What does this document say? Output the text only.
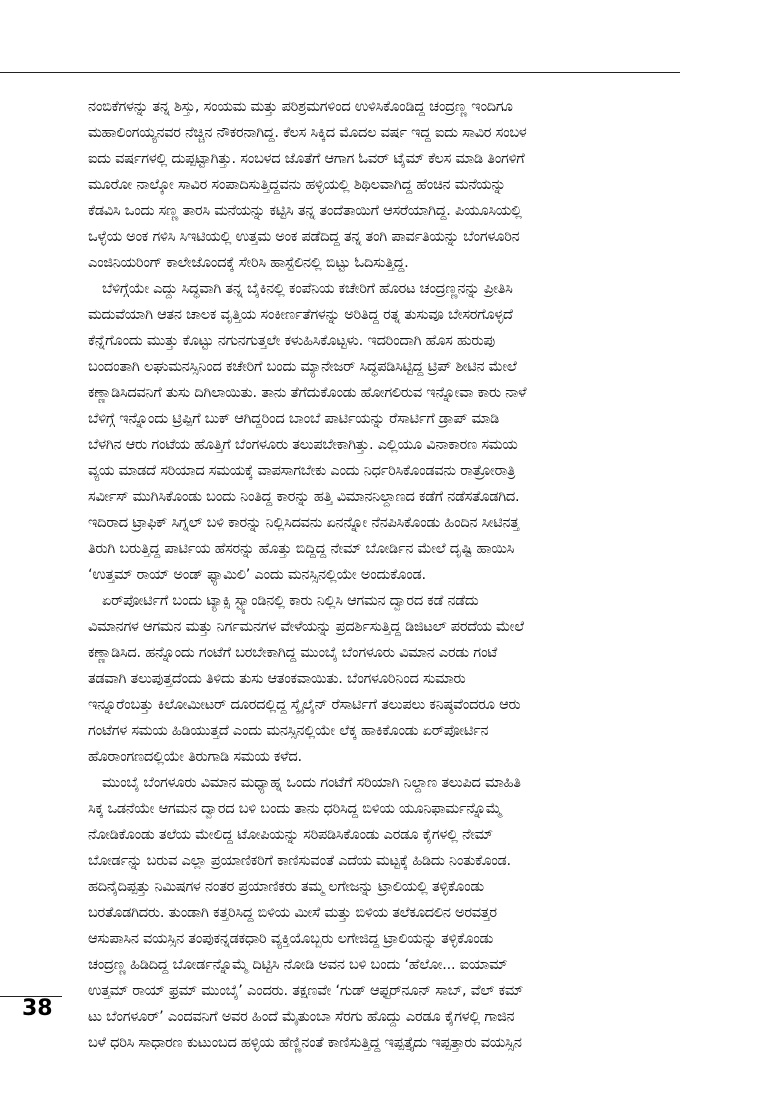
ನಂಬಿಕೆಗಳನ್ನು ತನ್ನ ಶಿಸ್ತು, ಸಂಯಮ ಮತ್ತು ಪರಿಶ್ರಮಗಳಿಂದ ಉಳಿಸಿಕೊಂಡಿದ್ದ ಚಂದ್ರಣ್ಣ ಇಂದಿಗೂ
ಮಹಾಲಿಂಗಯ್ಯನವರ ನೆಚ್ಚಿನ ನೌಕರನಾಗಿದ್ದ. ಕೆಲಸ ಸಿಕ್ಕಿದ ಮೊದಲ ವರ್ಷ ಇದ್ದ ಐದು ಸಾವಿರ ಸಂಬಳ
ಐದು ವರ್ಷಗಳಲ್ಲಿ ದುಪ್ಪಟ್ಟಾಗಿತ್ತು. ಸಂಬಳದ ಜೊತೆಗೆ ಆಗಾಗ ಓವರ್ ಟೈಮ್ ಕೆಲಸ ಮಾಡಿ ತಿಂಗಳಿಗೆ
ಮೂರೋ ನಾಲ್ಕೋ ಸಾವಿರ ಸಂಪಾದಿಸುತ್ತಿದ್ದವನು ಹಳ್ಳಿಯಲ್ಲಿ ಶಿಥಿಲವಾಗಿದ್ದ ಹೆಂಚಿನ ಮನೆಯನ್ನು
ಕೆಡವಿಸಿ ಒಂದು ಸಣ್ಣ ತಾರಸಿ ಮನೆಯನ್ನು ಕಟ್ಟಿಸಿ ತನ್ನ ತಂದೆತಾಯಿಗೆ ಆಸರೆಯಾಗಿದ್ದ. ಪಿಯೂಸಿಯಲ್ಲಿ
ಒಳ್ಳೆಯ ಅಂಕ ಗಳಿಸಿ ಸಿಇಟಿಯಲ್ಲಿ ಉತ್ತಮ ಅಂಕ ಪಡೆದಿದ್ದ ತನ್ನ ತಂಗಿ ಪಾರ್ವತಿಯನ್ನು ಬೆಂಗಳೂರಿನ
ಎಂಜಿನಿಯರಿಂಗ್ ಕಾಲೇಜೊಂದಕ್ಕೆ ಸೇರಿಸಿ ಹಾಸ್ಟೆಲಿನಲ್ಲಿ ಬಿಟ್ಟು ಓದಿಸುತ್ತಿದ್ದ.
ಬೆಳಿಗ್ಗೆಯೇ ಎದ್ದು ಸಿದ್ಧವಾಗಿ ತನ್ನ ಬೈಕಿನಲ್ಲಿ ಕಂಪೆನಿಯ ಕಚೇರಿಗೆ ಹೊರಟ ಚಂದ್ರಣ್ಣನನ್ನು ಪ್ರೀತಿಸಿ
ಮದುವೆಯಾಗಿ ಆತನ ಚಾಲಕ ವೃತ್ತಿಯ ಸಂಕೀರ್ಣತೆಗಳನ್ನು ಅರಿತಿದ್ದ ರತ್ನ ತುಸುವೂ ಬೇಸರಗೊಳ್ಳದೆ
ಕೆನ್ನೆಗೊಂದು ಮುತ್ತು ಕೊಟ್ಟು ನಗುನಗುತ್ತಲೇ ಕಳುಹಿಸಿಕೊಟ್ಟಳು. ಇದರಿಂದಾಗಿ ಹೊಸ ಹುರುಪು
ಬಂದಂತಾಗಿ ಲಘುಮನಸ್ಸಿನಿಂದ ಕಚೇರಿಗೆ ಬಂದು ಮ್ಯಾನೇಜರ್ ಸಿದ್ಧಪಡಿಸಿಟ್ಟಿದ್ದ ಟ್ರಿಪ್ ಶೀಟಿನ ಮೇಲೆ
ಕಣ್ಣಾಡಿಸಿದವನಿಗೆ ತುಸು ದಿಗಿಲಾಯಿತು. ತಾನು ತೆಗೆದುಕೊಂಡು ಹೋಗಲಿರುವ ಇನ್ನೋವಾ ಕಾರು ನಾಳೆ
ಬೆಳಿಗ್ಗೆ ಇನ್ನೊಂದು ಟ್ರಿಪ್ಪಿಗೆ ಬುಕ್ ಆಗಿದ್ದರಿಂದ ಬಾಂಬೆ ಪಾರ್ಟಿಯನ್ನು ರೆಸಾರ್ಟಿಗೆ ಡ್ರಾಪ್ ಮಾಡಿ
ಬೆಳಗಿನ ಆರು ಗಂಟೆಯ ಹೊತ್ತಿಗೆ ಬೆಂಗಳೂರು ತಲುಪಬೇಕಾಗಿತ್ತು. ಎಲ್ಲಿಯೂ ವಿನಾಕಾರಣ ಸಮಯ
ವ್ಯಯ ಮಾಡದೆ ಸರಿಯಾದ ಸಮಯಕ್ಕೆ ವಾಪಸಾಗಬೇಕು ಎಂದು ನಿರ್ಧರಿಸಿಕೊಂಡವನು ರಾತ್ರೋರಾತ್ರಿ
ಸರ್ವೀಸ್ ಮುಗಿಸಿಕೊಂಡು ಬಂದು ನಿಂತಿದ್ದ ಕಾರನ್ನು ಹತ್ತಿ ವಿಮಾನನಿಲ್ದಾಣದ ಕಡೆಗೆ ನಡೆಸತೊಡಗಿದ.
ಇದಿರಾದ ಟ್ರಾಫಿಕ್ ಸಿಗ್ನಲ್ ಬಳಿ ಕಾರನ್ನು ನಿಲ್ಲಿಸಿದವನು ಏನನ್ನೋ ನೆನಪಿಸಿಕೊಂಡು ಹಿಂದಿನ ಸೀಟಿನತ್ತ
ತಿರುಗಿ ಬರುತ್ತಿದ್ದ ಪಾರ್ಟಿಯ ಹೆಸರನ್ನು ಹೊತ್ತು ಬಿದ್ದಿದ್ದ ನೇಮ್ ಬೋರ್ಡಿನ ಮೇಲೆ ದೃಷ್ಟಿ ಹಾಯಿಸಿ
‘ಉತ್ತಮ್ ರಾಯ್ ಅಂಡ್ ಫ್ಯಾಮಿಲಿ’ ಎಂದು ಮನಸ್ಸಿನಲ್ಲಿಯೇ ಅಂದುಕೊಂಡ.
ಏರ್‌ಪೋರ್ಟಿಗೆ ಬಂದು ಟ್ಯಾಕ್ಸಿ ಸ್ಟ್ಯಾಂಡಿನಲ್ಲಿ ಕಾರು ನಿಲ್ಲಿಸಿ ಆಗಮನ ದ್ವಾರದ ಕಡೆ ನಡೆದು
ವಿಮಾನಗಳ ಆಗಮನ ಮತ್ತು ನಿರ್ಗಮನಗಳ ವೇಳೆಯನ್ನು ಪ್ರದರ್ಶಿಸುತ್ತಿದ್ದ ಡಿಜಿಟಲ್ ಪರದೆಯ ಮೇಲೆ
ಕಣ್ಣಾಡಿಸಿದ. ಹನ್ನೊಂದು ಗಂಟೆಗೆ ಬರಬೇಕಾಗಿದ್ದ ಮುಂಬೈ ಬೆಂಗಳೂರು ವಿಮಾನ ಎರಡು ಗಂಟೆ
ತಡವಾಗಿ ತಲುಪುತ್ತದೆಂದು ತಿಳಿದು ತುಸು ಆತಂಕವಾಯಿತು. ಬೆಂಗಳೂರಿನಿಂದ ಸುಮಾರು
ಇನ್ನೂರೆಂಬತ್ತು ಕಿಲೋಮೀಟರ್ ದೂರದಲ್ಲಿದ್ದ ಸ್ಕೈಲೈನ್ ರೆಸಾರ್ಟಿಗೆ ತಲುಪಲು ಕನಿಷ್ಠವೆಂದರೂ ಆರು
ಗಂಟೆಗಳ ಸಮಯ ಹಿಡಿಯುತ್ತದೆ ಎಂದು ಮನಸ್ಸಿನಲ್ಲಿಯೇ ಲೆಕ್ಕ ಹಾಕಿಕೊಂಡು ಏರ್‌ಪೋರ್ಟಿನ
ಹೊರಾಂಗಣದಲ್ಲಿಯೇ ತಿರುಗಾಡಿ ಸಮಯ ಕಳೆದ.
ಮುಂಬೈ ಬೆಂಗಳೂರು ವಿಮಾನ ಮಧ್ಯಾಹ್ನ ಒಂದು ಗಂಟೆಗೆ ಸರಿಯಾಗಿ ನಿಲ್ದಾಣ ತಲುಪಿದ ಮಾಹಿತಿ
ಸಿಕ್ಕ ಒಡನೆಯೇ ಆಗಮನ ದ್ವಾರದ ಬಳಿ ಬಂದು ತಾನು ಧರಿಸಿದ್ದ ಬಿಳಿಯ ಯೂನಿಫಾರ್ಮನ್ನೊಮ್ಮೆ
ನೋಡಿಕೊಂಡು ತಲೆಯ ಮೇಲಿದ್ದ ಟೋಪಿಯನ್ನು ಸರಿಪಡಿಸಿಕೊಂಡು ಎರಡೂ ಕೈಗಳಲ್ಲಿ ನೇಮ್
ಬೋರ್ಡನ್ನು ಬರುವ ಎಲ್ಲಾ ಪ್ರಯಾಣಿಕರಿಗೆ ಕಾಣಿಸುವಂತೆ ಎದೆಯ ಮಟ್ಟಕ್ಕೆ ಹಿಡಿದು ನಿಂತುಕೊಂಡ.
ಹದಿನೈದಿಪ್ಪತ್ತು ನಿಮಿಷಗಳ ನಂತರ ಪ್ರಯಾಣಿಕರು ತಮ್ಮ ಲಗೇಜನ್ನು ಟ್ರಾಲಿಯಲ್ಲಿ ತಳ್ಳಿಕೊಂಡು
ಬರತೊಡಗಿದರು. ತುಂಡಾಗಿ ಕತ್ತರಿಸಿದ್ದ ಬಿಳಿಯ ಮೀಸೆ ಮತ್ತು ಬಿಳಿಯ ತಲೆಕೂದಲಿನ ಅರವತ್ತರ
ಆಸುಪಾಸಿನ ವಯಸ್ಸಿನ ತಂಪುಕನ್ನಡಕಧಾರಿ ವ್ಯಕ್ತಿಯೊಬ್ಬರು ಲಗೇಜಿದ್ದ ಟ್ರಾಲಿಯನ್ನು ತಳ್ಳಿಕೊಂಡು
ಚಂದ್ರಣ್ಣ ಹಿಡಿದಿದ್ದ ಬೋರ್ಡನ್ನೊಮ್ಮೆ ದಿಟ್ಟಿಸಿ ನೋಡಿ ಅವನ ಬಳಿ ಬಂದು ‘ಹೆಲೋ... ಐಯಾಮ್
ಉತ್ತಮ್ ರಾಯ್ ಫ್ರಮ್ ಮುಂಬೈ’ ಎಂದರು. ತಕ್ಷಣವೇ ‘ಗುಡ್ ಆಫ್ಟರ್‌ನೂನ್ ಸಾಬ್, ವೆಲ್ ಕಮ್
ಟು ಬೆಂಗಳೂರ್’ ಎಂದವನಿಗೆ ಅವರ ಹಿಂದೆ ಮೈತುಂಬಾ ಸೆರಗು ಹೊದ್ದು ಎರಡೂ ಕೈಗಳಲ್ಲಿ ಗಾಜಿನ
ಬಳೆ ಧರಿಸಿ ಸಾಧಾರಣ ಕುಟುಂಬದ ಹಳ್ಳಿಯ ಹೆಣ್ಣಿನಂತೆ ಕಾಣಿಸುತ್ತಿದ್ದ ಇಪ್ಪತ್ತೈದು ಇಪ್ಪತ್ತಾರು ವಯಸ್ಸಿನ
38
